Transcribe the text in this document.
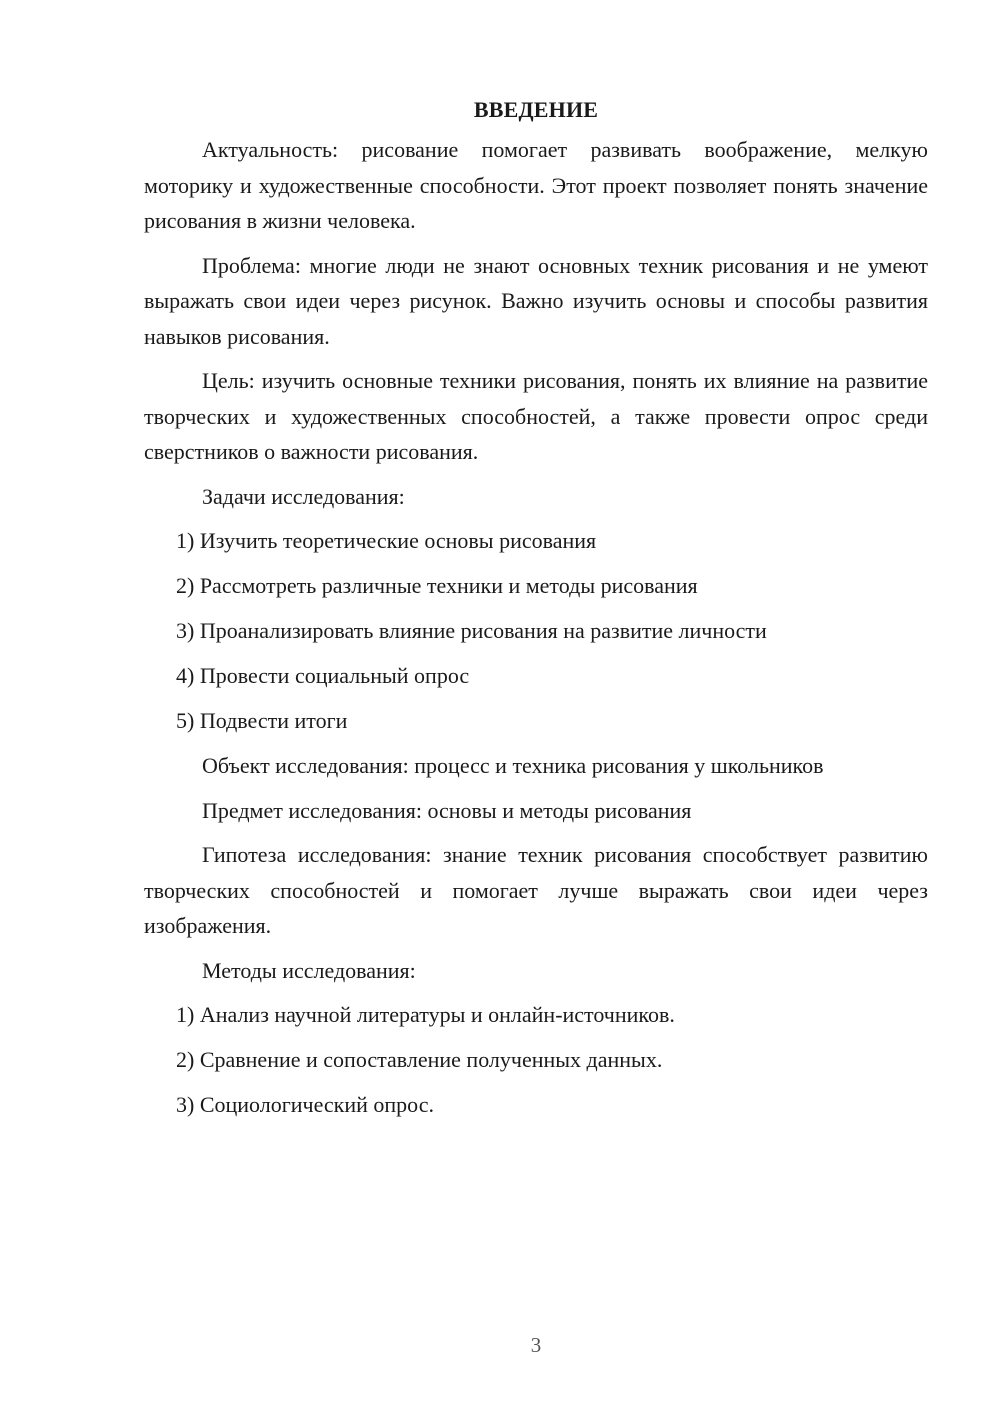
ВВЕДЕНИЕ

Актуальность: рисование помогает развивать воображение, мелкую моторику и художественные способности. Этот проект позволяет понять значение рисования в жизни человека.

Проблема: многие люди не знают основных техник рисования и не умеют выражать свои идеи через рисунок. Важно изучить основы и способы развития навыков рисования.

Цель: изучить основные техники рисования, понять их влияние на развитие творческих и художественных способностей, а также провести опрос среди сверстников о важности рисования.

Задачи исследования:

1) Изучить теоретические основы рисования
2) Рассмотреть различные техники и методы рисования
3) Проанализировать влияние рисования на развитие личности
4) Провести социальный опрос
5) Подвести итоги

Объект исследования: процесс и техника рисования у школьников

Предмет исследования: основы и методы рисования

Гипотеза исследования: знание техник рисования способствует развитию творческих способностей и помогает лучше выражать свои идеи через изображения.

Методы исследования:

1) Анализ научной литературы и онлайн-источников.
2) Сравнение и сопоставление полученных данных.
3) Социологический опрос.
3
